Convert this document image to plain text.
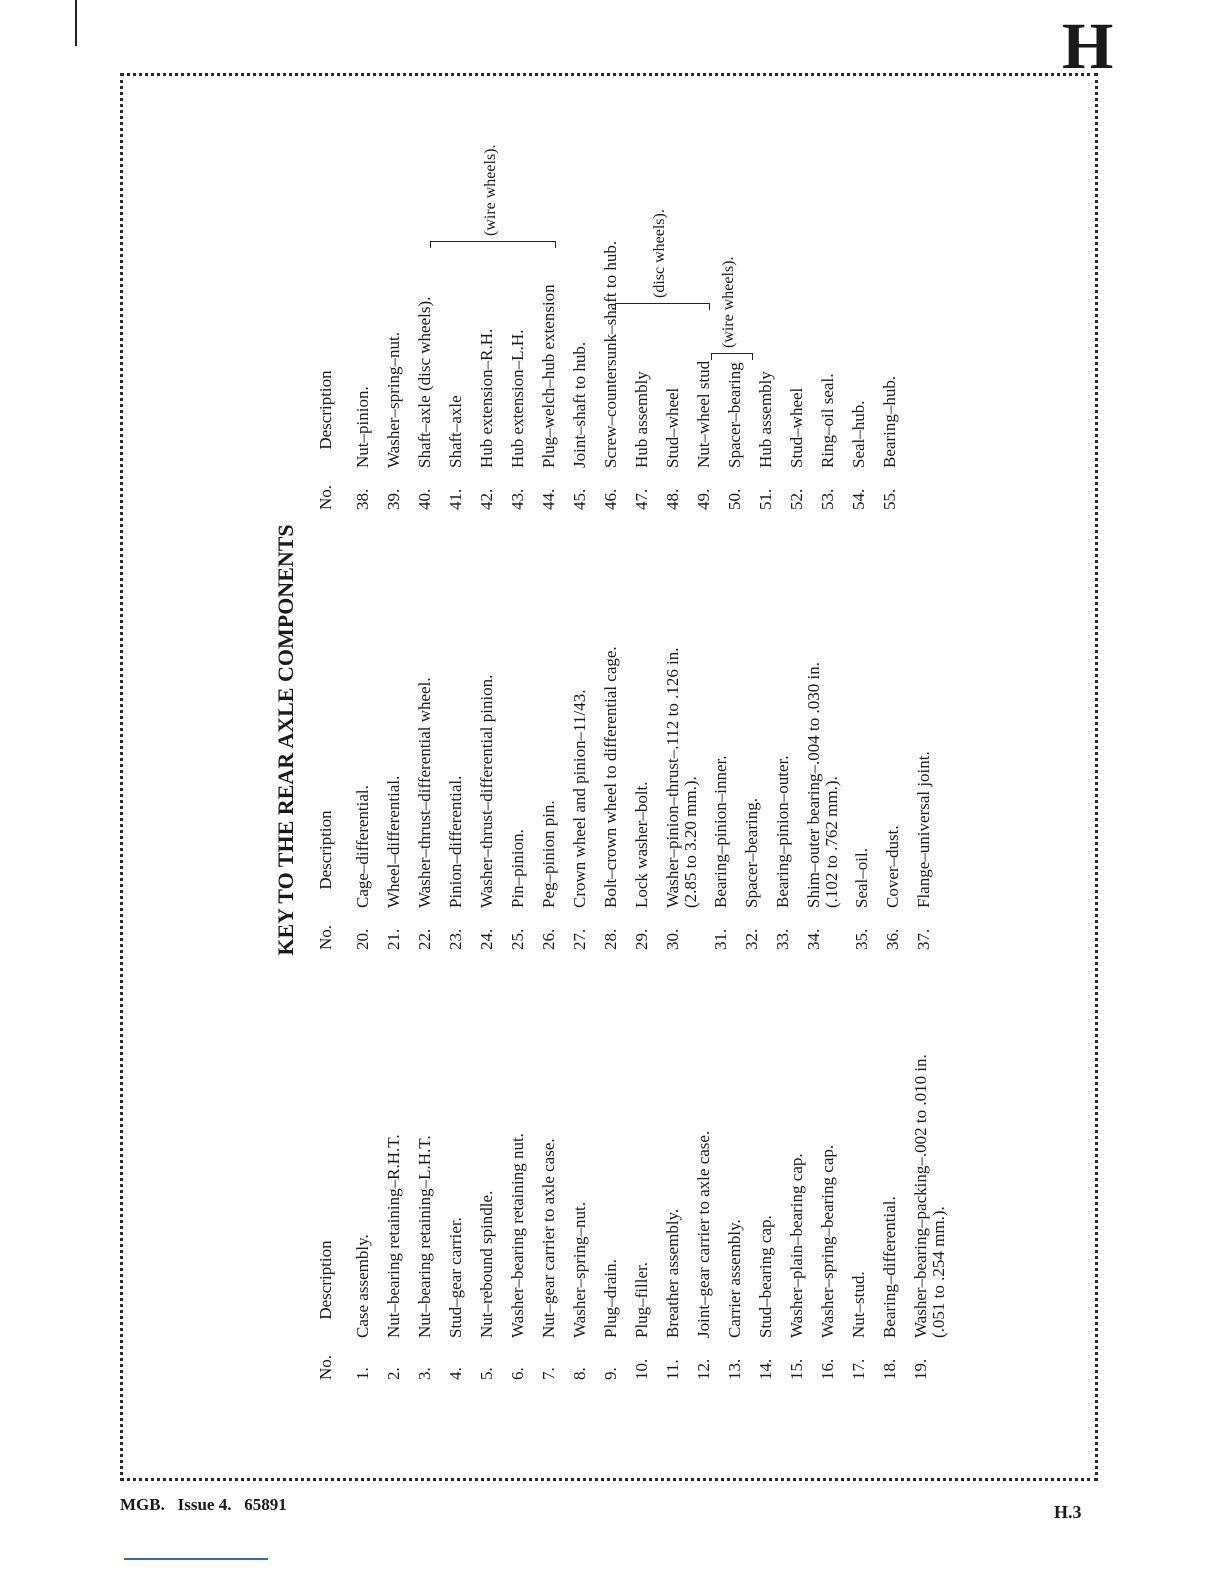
H
KEY TO THE REAR AXLE COMPONENTS
No.
Description
1.
Case assembly.
2.
Nut–bearing retaining–R.H.T.
3.
Nut–bearing retaining–L.H.T.
4.
Stud–gear carrier.
5.
Nut–rebound spindle.
6.
Washer–bearing retaining nut.
7.
Nut–gear carrier to axle case.
8.
Washer–spring–nut.
9.
Plug–drain.
10.
Plug–filler.
11.
Breather assembly.
12.
Joint–gear carrier to axle case.
13.
Carrier assembly.
14.
Stud–bearing cap.
15.
Washer–plain–bearing cap.
16.
Washer–spring–bearing cap.
17.
Nut–stud.
18.
Bearing–differential.
19.
Washer–bearing–packing–.002 to .010 in. (.051 to .254 mm.).
No.
Description
20.
Cage–differential.
21.
Wheel–differential.
22.
Washer–thrust–differential wheel.
23.
Pinion–differential.
24.
Washer–thrust–differential pinion.
25.
Pin–pinion.
26.
Peg–pinion pin.
27.
Crown wheel and pinion–11/43.
28.
Bolt–crown wheel to differential cage.
29.
Lock washer–bolt.
30.
Washer–pinion–thrust–.112 to .126 in. (2.85 to 3.20 mm.).
31.
Bearing–pinion–inner.
32.
Spacer–bearing.
33.
Bearing–pinion–outer.
34.
Shim–outer bearing–.004 to .030 in. (.102 to .762 mm.).
35.
Seal–oil.
36.
Cover–dust.
37.
Flange–universal joint.
No.
Description
38.
Nut–pinion.
39.
Washer–spring–nut.
40.
Shaft–axle (disc wheels).
41.
Shaft–axle
42.
Hub extension–R.H.
43.
Hub extension–L.H.
44.
Plug–welch–hub extension
45.
Joint–shaft to hub.
46.
Screw–countersunk–shaft to hub.
47.
Hub assembly
48.
Stud–wheel
49.
Nut–wheel stud
50.
Spacer–bearing
51.
Hub assembly
52.
Stud–wheel
53.
Ring–oil seal.
54.
Seal–hub.
55.
Bearing–hub.
(wire wheels).
(disc wheels).
(wire wheels).
MGB.   Issue 4.   65891	H.3
